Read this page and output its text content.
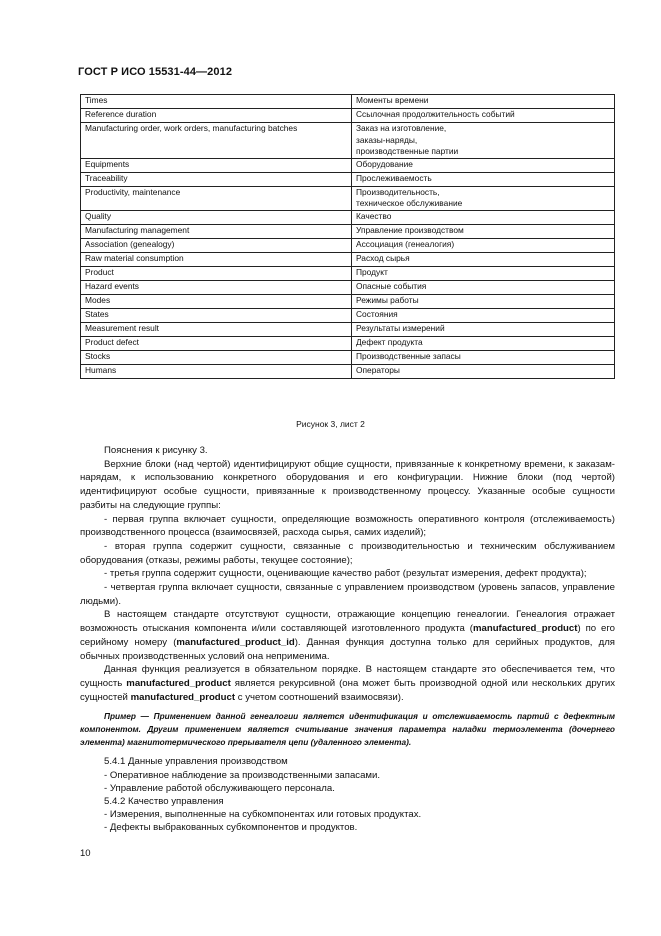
ГОСТ Р ИСО 15531-44—2012
Times	Моменты времени
Reference duration	Ссылочная продолжительность событий
Manufacturing order, work orders, manufacturing batches	Заказ на изготовление,
заказы-наряды,
производственные партии
Equipments	Оборудование
Traceability	Прослеживаемость
Productivity, maintenance	Производительность,
техническое обслуживание
Quality	Качество
Manufacturing management	Управление производством
Association (genealogy)	Ассоциация (генеалогия)
Raw material consumption	Расход сырья
Product	Продукт
Hazard events	Опасные события
Modes	Режимы работы
States	Состояния
Measurement result	Результаты измерений
Product defect	Дефект продукта
Stocks	Производственные запасы
Humans	Операторы
Рисунок 3, лист 2

Пояснения к рисунку 3.

Верхние блоки (над чертой) идентифицируют общие сущности, привязанные к конкретному времени, к заказам-нарядам, к использованию конкретного оборудования и его конфигурации. Нижние блоки (под чертой) идентифицируют особые сущности, привязанные к производственному процессу. Указанные особые сущности разбиты на следующие группы:

- первая группа включает сущности, определяющие возможность оперативного контроля (отслеживаемость) производственного процесса (взаимосвязей, расхода сырья, самих изделий);

- вторая группа содержит сущности, связанные с производительностью и техническим обслуживанием оборудования (отказы, режимы работы, текущее состояние);

- третья группа содержит сущности, оценивающие качество работ (результат измерения, дефект продукта);

- четвертая группа включает сущности, связанные с управлением производством (уровень запасов, управление людьми).

В настоящем стандарте отсутствуют сущности, отражающие концепцию генеалогии. Генеалогия отражает возможность отыскания компонента и/или составляющей изготовленного продукта (manufactured_product) по его серийному номеру (manufactured_product_id). Данная функция доступна только для серийных продуктов, для обычных производственных условий она неприменима.

Данная функция реализуется в обязательном порядке. В настоящем стандарте это обеспечивается тем, что сущность manufactured_product является рекурсивной (она может быть производной одной или нескольких других сущностей manufactured_product с учетом соотношений взаимосвязи).

Пример — Применением данной генеалогии является идентификация и отслеживаемость партий с дефектным компонентом. Другим применением является считывание значения параметра наладки термоэлемента (дочернего элемента) магнитотермического прерывателя цепи (удаленного элемента).

5.4.1 Данные управления производством

- Оперативное наблюдение за производственными запасами.

- Управление работой обслуживающего персонала.

5.4.2 Качество управления

- Измерения, выполненные на субкомпонентах или готовых продуктах.

- Дефекты выбракованных субкомпонентов и продуктов.

10
